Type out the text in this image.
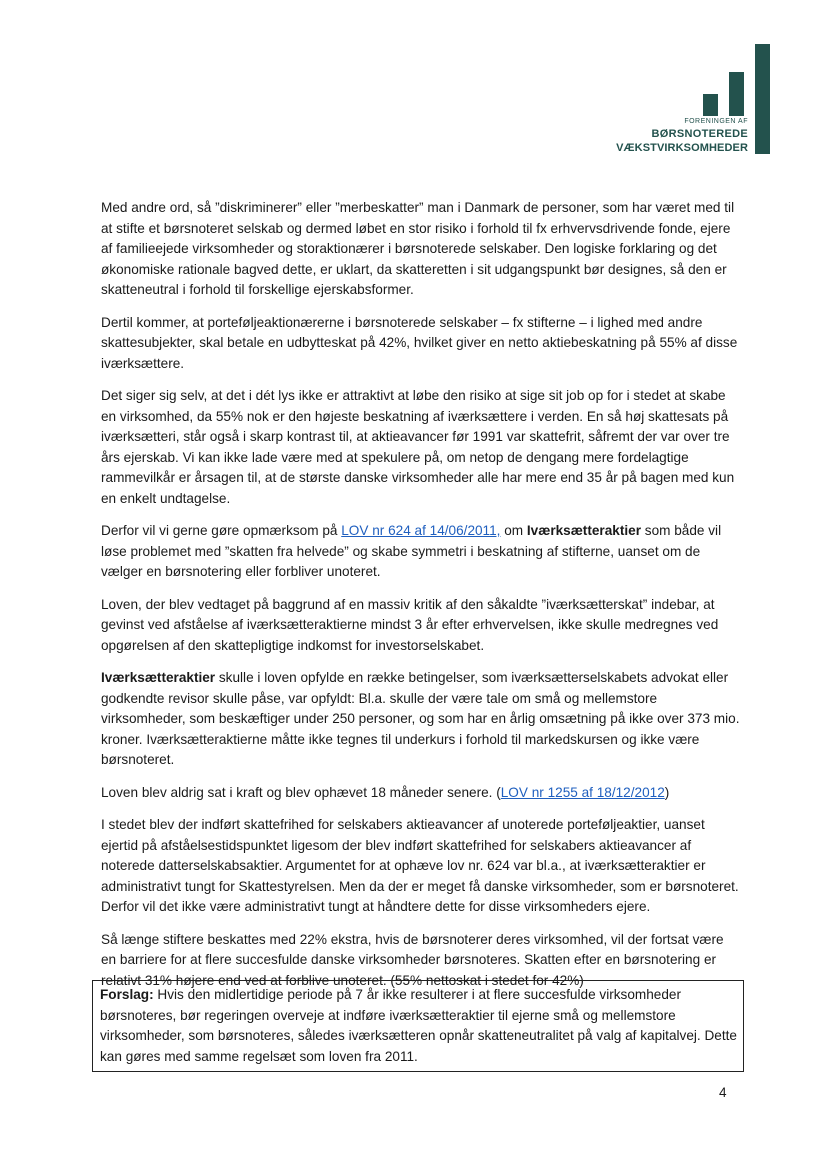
FORENINGEN AF
BØRSNOTEREDE
VÆKSTVIRKSOMHEDER

Med andre ord, så ”diskriminerer” eller ”merbeskatter” man i Danmark de personer, som har været med til at stifte et børsnoteret selskab og dermed løbet en stor risiko i forhold til fx erhvervsdrivende fonde, ejere af familieejede virksomheder og storaktionærer i børsnoterede selskaber. Den logiske forklaring og det økonomiske rationale bagved dette, er uklart, da skatteretten i sit udgangspunkt bør designes, så den er skatteneutral i forhold til forskellige ejerskabsformer.

Dertil kommer, at porteføljeaktionærerne i børsnoterede selskaber – fx stifterne – i lighed med andre skattesubjekter, skal betale en udbytteskat på 42%, hvilket giver en netto aktiebeskatning på 55% af disse iværksættere.

Det siger sig selv, at det i dét lys ikke er attraktivt at løbe den risiko at sige sit job op for i stedet at skabe en virksomhed, da 55% nok er den højeste beskatning af iværksættere i verden. En så høj skattesats på iværksætteri, står også i skarp kontrast til, at aktieavancer før 1991 var skattefrit, såfremt der var over tre års ejerskab. Vi kan ikke lade være med at spekulere på, om netop de dengang mere fordelagtige rammevilkår er årsagen til, at de største danske virksomheder alle har mere end 35 år på bagen med kun en enkelt undtagelse.

Derfor vil vi gerne gøre opmærksom på LOV nr 624 af 14/06/2011, om Iværksætteraktier som både vil løse problemet med ”skatten fra helvede” og skabe symmetri i beskatning af stifterne, uanset om de vælger en børsnotering eller forbliver unoteret.

Loven, der blev vedtaget på baggrund af en massiv kritik af den såkaldte ”iværksætterskat” indebar, at gevinst ved afståelse af iværksætteraktierne mindst 3 år efter erhvervelsen, ikke skulle medregnes ved opgørelsen af den skattepligtige indkomst for investorselskabet.

Iværksætteraktier skulle i loven opfylde en række betingelser, som iværksætterselskabets advokat eller godkendte revisor skulle påse, var opfyldt: Bl.a. skulle der være tale om små og mellemstore virksomheder, som beskæftiger under 250 personer, og som har en årlig omsætning på ikke over 373 mio. kroner. Iværksætteraktierne måtte ikke tegnes til underkurs i forhold til markedskursen og ikke være børsnoteret.

Loven blev aldrig sat i kraft og blev ophævet 18 måneder senere. (LOV nr 1255 af 18/12/2012)

I stedet blev der indført skattefrihed for selskabers aktieavancer af unoterede porteføljeaktier, uanset ejertid på afståelsestidspunktet ligesom der blev indført skattefrihed for selskabers aktieavancer af noterede datterselskabsaktier. Argumentet for at ophæve lov nr. 624 var bl.a., at iværksætteraktier er administrativt tungt for Skattestyrelsen. Men da der er meget få danske virksomheder, som er børsnoteret. Derfor vil det ikke være administrativt tungt at håndtere dette for disse virksomheders ejere.

Så længe stiftere beskattes med 22% ekstra, hvis de børsnoterer deres virksomhed, vil der fortsat være en barriere for at flere succesfulde danske virksomheder børsnoteres. Skatten efter en børsnotering er relativt 31% højere end ved at forblive unoteret. (55% nettoskat i stedet for 42%)

Forslag: Hvis den midlertidige periode på 7 år ikke resulterer i at flere succesfulde virksomheder børsnoteres, bør regeringen overveje at indføre iværksætteraktier til ejerne små og mellemstore virksomheder, som børsnoteres, således iværksætteren opnår skatteneutralitet på valg af kapitalvej. Dette kan gøres med samme regelsæt som loven fra 2011.
4
